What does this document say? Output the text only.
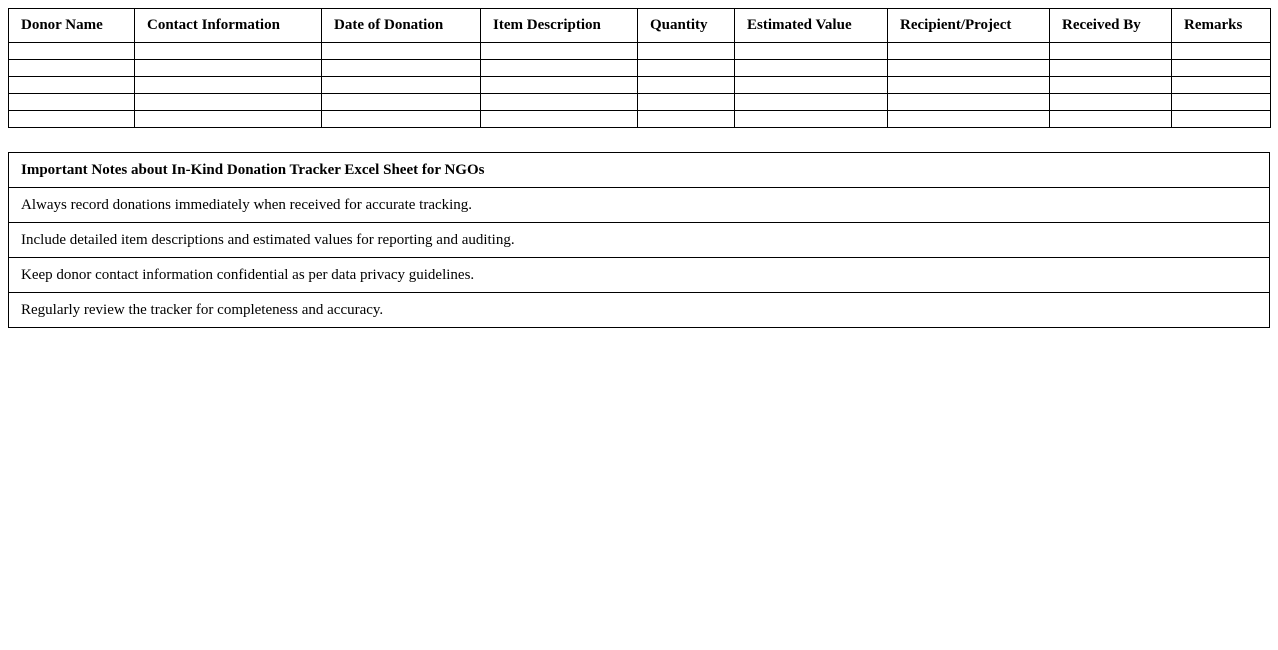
Donor Name	Contact Information	Date of Donation	Item Description	Quantity	Estimated Value	Recipient/Project	Received By	Remarks

Important Notes about In-Kind Donation Tracker Excel Sheet for NGOs
Always record donations immediately when received for accurate tracking.
Include detailed item descriptions and estimated values for reporting and auditing.
Keep donor contact information confidential as per data privacy guidelines.
Regularly review the tracker for completeness and accuracy.
